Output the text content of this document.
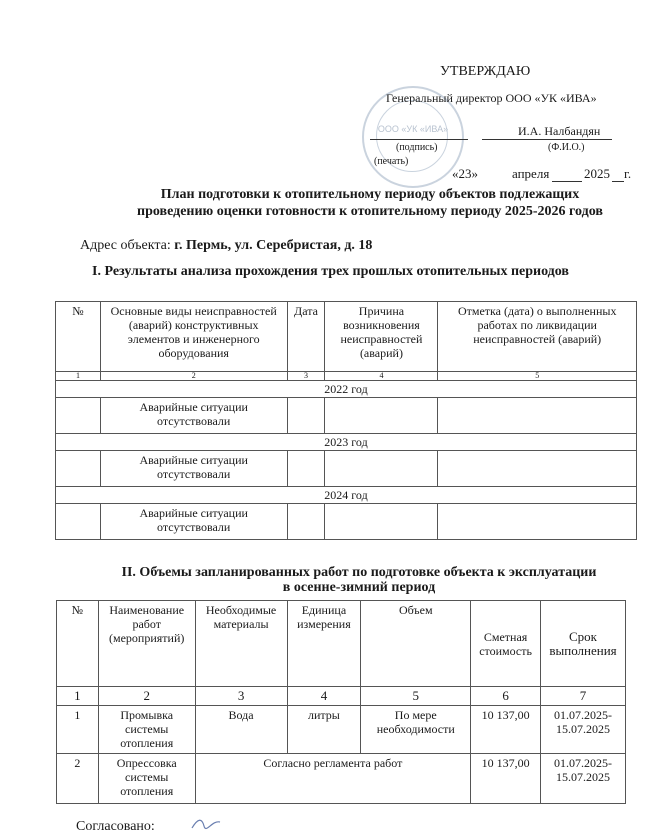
ООО «УК «ИВА»
УТВЕРЖДАЮ
Генеральный директор ООО «УК «ИВА»
И.А. Налбандян
(подпись)	(Ф.И.О.)
(печать)
«23»	апреля	2025 г.
План подготовки к отопительному периоду объектов подлежащих
проведению оценки готовности к отопительному периоду 2025-2026 годов
Адрес объекта: г. Пермь, ул. Серебристая, д. 18
I. Результаты анализа прохождения трех прошлых отопительных периодов
№	Основные виды неисправностей (аварий) конструктивных элементов и инженерного оборудования	Дата	Причина возникновения неисправностей (аварий)	Отметка (дата) о выполненных работах по ликвидации неисправностей (аварий)
1	2	3	4	5
2022 год				
	Аварийные ситуации отсутствовали			
2023 год				
	Аварийные ситуации отсутствовали			
2024 год				
	Аварийные ситуации отсутствовали			
II. Объемы запланированных работ по подготовке объекта к эксплуатации
в осенне-зимний период
№	Наименование работ (мероприятий)	Необходимые материалы	Единица измерения	Объем	Сметная стоимость	Срок выполнения
1	2	3	4	5	6	7
1	Промывка системы отопления	Вода	литры	По мере необходимости	10 137,00	01.07.2025-15.07.2025
2	Опрессовка системы отопления	Согласно регламента работ			10 137,00	01.07.2025-15.07.2025
Согласовано:
